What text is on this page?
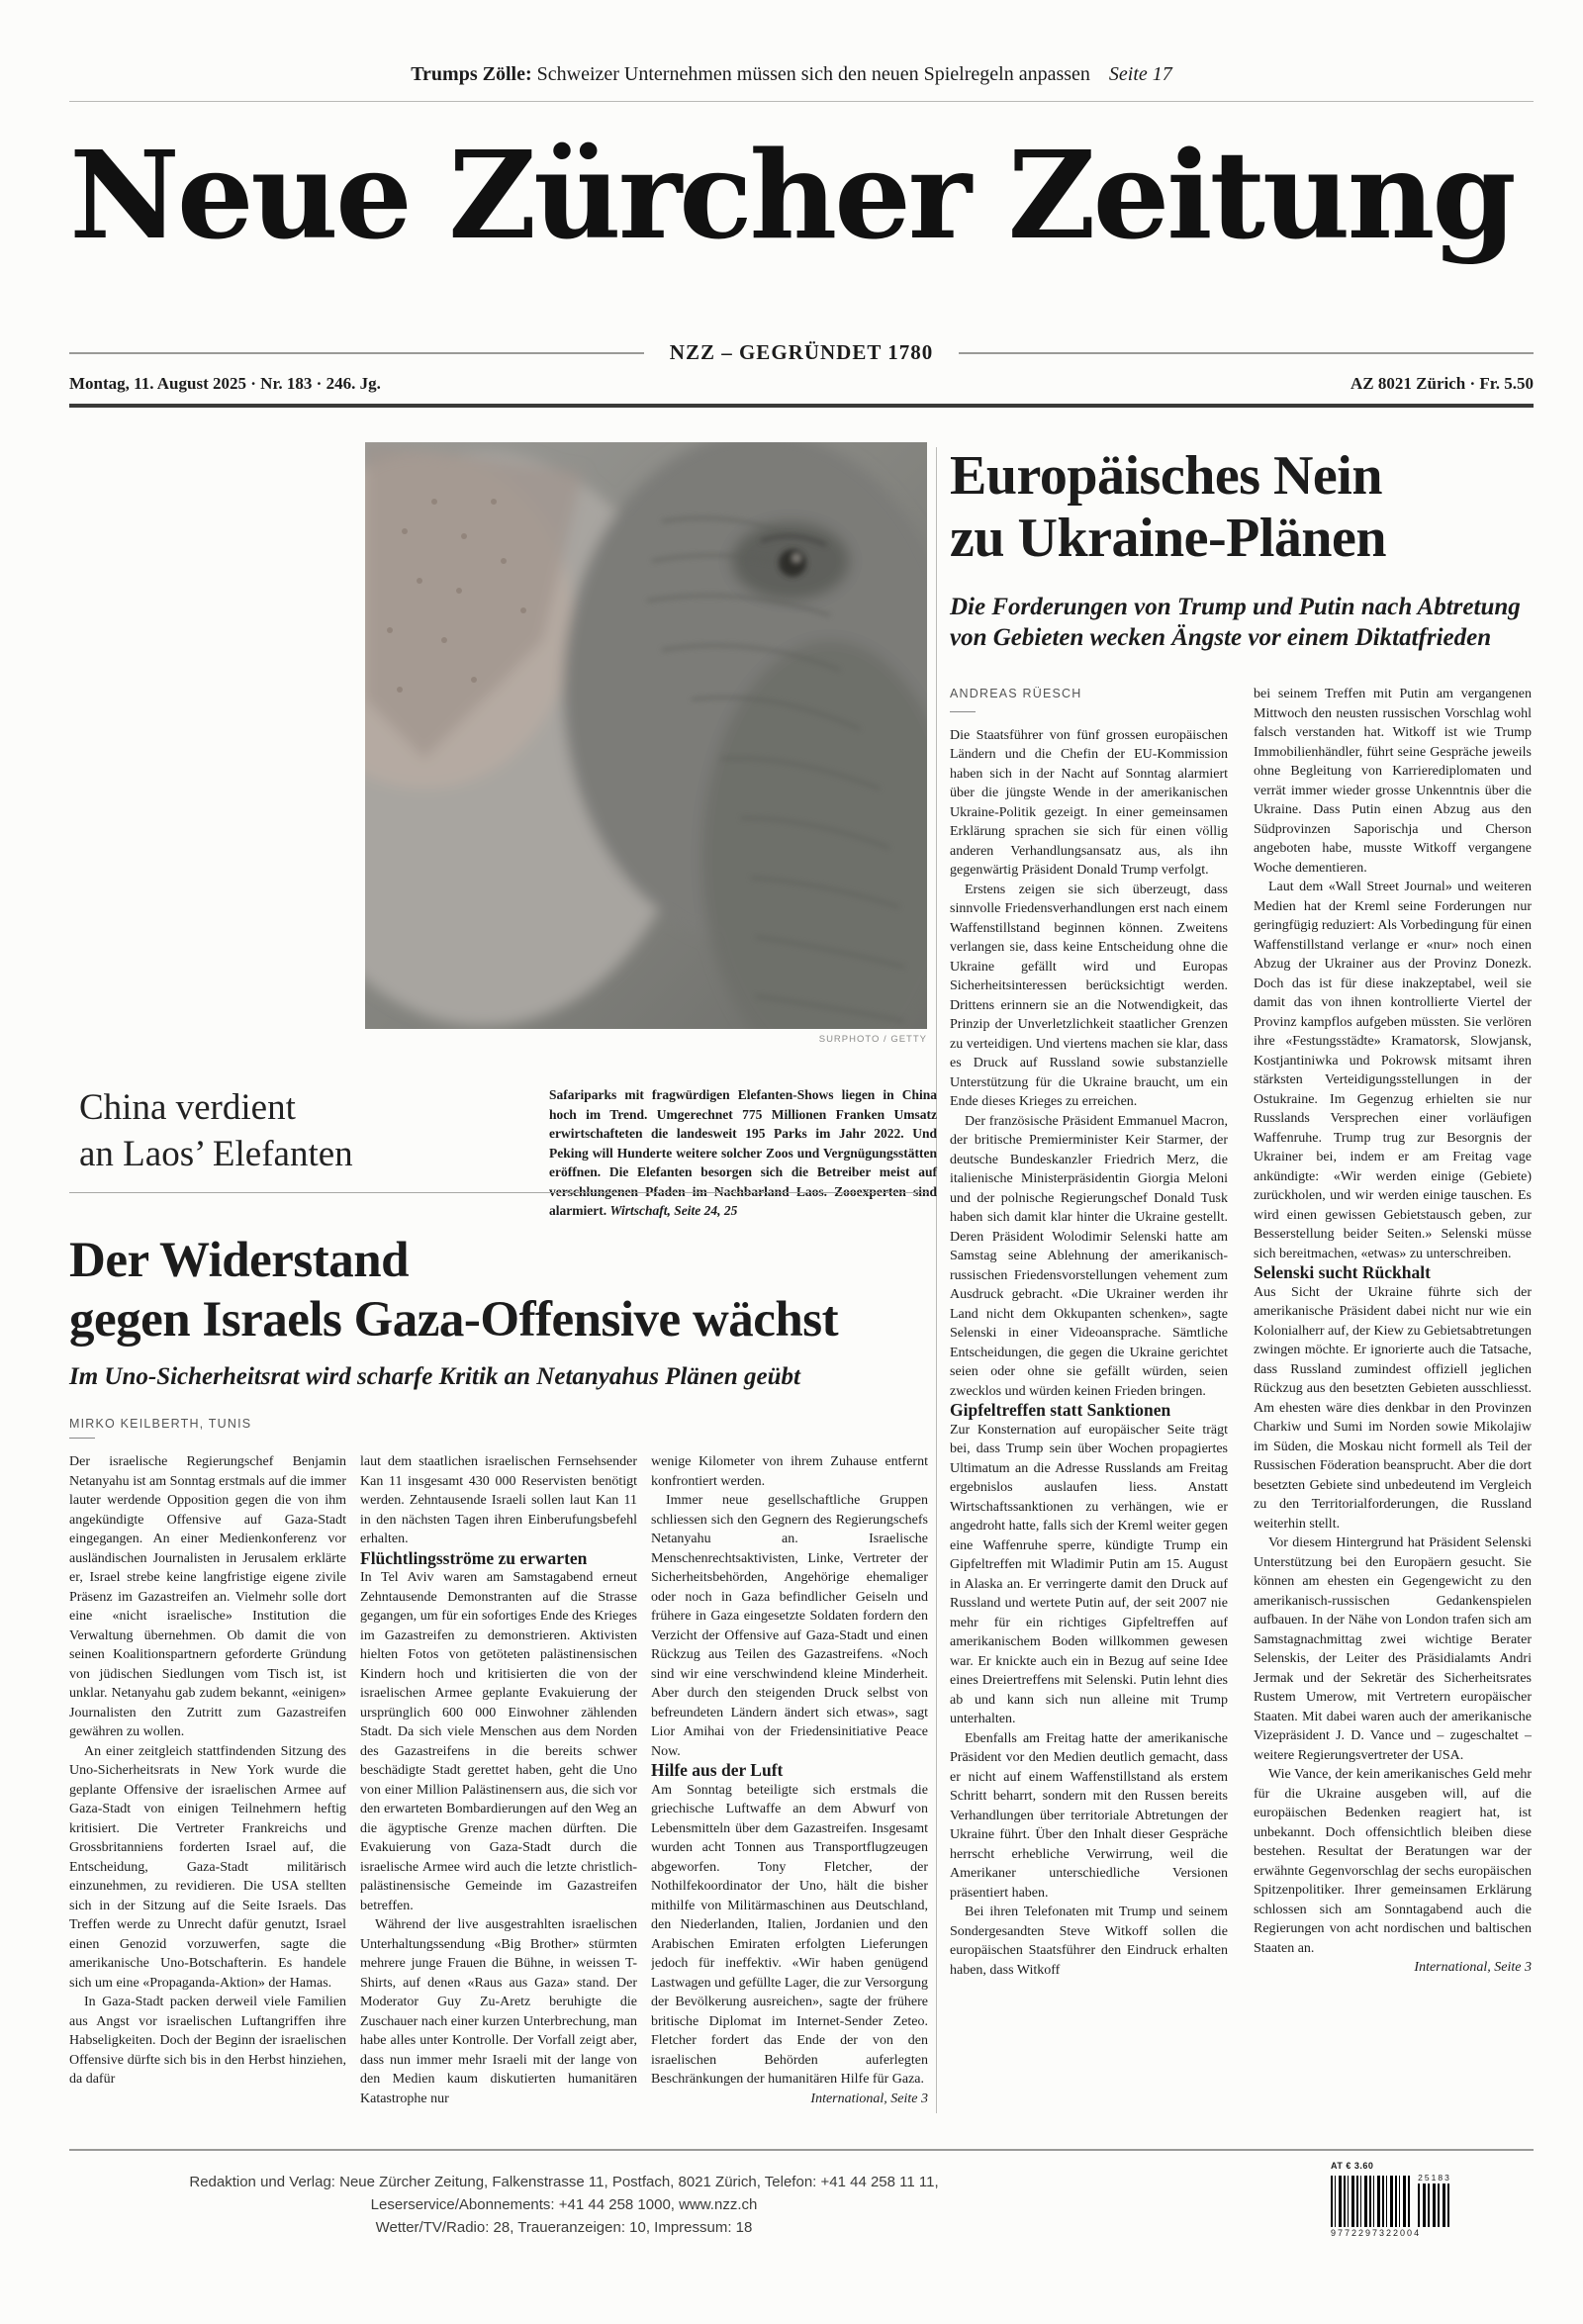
Trumps Zölle: Schweizer Unternehmen müssen sich den neuen Spielregeln anpassen Seite 17
Neue Zürcher Zeitung
NZZ – GEGRÜNDET 1780
Montag, 11. August 2025 · Nr. 183 · 246. Jg.	AZ 8021 Zürich · Fr. 5.50
SURPHOTO / GETTY
China verdient
an Laos’ Elefanten
Safariparks mit fragwürdigen Elefanten-Shows liegen in China hoch im Trend. Umgerechnet 775 Millionen Franken Umsatz erwirtschafteten die landesweit 195 Parks im Jahr 2022. Und Peking will Hunderte weitere solcher Zoos und Vergnügungsstätten eröffnen. Die Elefanten besorgen sich die Betreiber meist auf verschlungenen Pfaden im Nachbarland Laos. Zooexperten sind alarmiert. Wirtschaft, Seite 24, 25
Europäisches Nein
zu Ukraine-Plänen
Die Forderungen von Trump und Putin nach Abtretung von Gebieten wecken Ängste vor einem Diktatfrieden
ANDREAS RÜESCH

Die Staatsführer von fünf grossen europäischen Ländern und die Chefin der EU-Kommission haben sich in der Nacht auf Sonntag alarmiert über die jüngste Wende in der amerikanischen Ukraine-Politik gezeigt. In einer gemeinsamen Erklärung sprachen sie sich für einen völlig anderen Verhandlungsansatz aus, als ihn gegenwärtig Präsident Donald Trump verfolgt.

Erstens zeigen sie sich überzeugt, dass sinnvolle Friedensverhandlungen erst nach einem Waffenstillstand beginnen können. Zweitens verlangen sie, dass keine Entscheidung ohne die Ukraine gefällt wird und Europas Sicherheitsinteressen berücksichtigt werden. Drittens erinnern sie an die Notwendigkeit, das Prinzip der Unverletzlichkeit staatlicher Grenzen zu verteidigen. Und viertens machen sie klar, dass es Druck auf Russland sowie substanzielle Unterstützung für die Ukraine braucht, um ein Ende dieses Krieges zu erreichen.

Der französische Präsident Emmanuel Macron, der britische Premierminister Keir Starmer, der deutsche Bundeskanzler Friedrich Merz, die italienische Ministerpräsidentin Giorgia Meloni und der polnische Regierungschef Donald Tusk haben sich damit klar hinter die Ukraine gestellt. Deren Präsident Wolodimir Selenski hatte am Samstag seine Ablehnung der amerikanisch-russischen Friedensvorstellungen vehement zum Ausdruck gebracht. «Die Ukrainer werden ihr Land nicht dem Okkupanten schenken», sagte Selenski in einer Videoansprache. Sämtliche Entscheidungen, die gegen die Ukraine gerichtet seien oder ohne sie gefällt würden, seien zwecklos und würden keinen Frieden bringen.

Gipfeltreffen statt Sanktionen

Zur Konsternation auf europäischer Seite trägt bei, dass Trump sein über Wochen propagiertes Ultimatum an die Adresse Russlands am Freitag ergebnislos auslaufen liess. Anstatt Wirtschaftssanktionen zu verhängen, wie er angedroht hatte, falls sich der Kreml weiter gegen eine Waffenruhe sperre, kündigte Trump ein Gipfeltreffen mit Wladimir Putin am 15. August in Alaska an. Er verringerte damit den Druck auf Russland und wertete Putin auf, der seit 2007 nie mehr für ein richtiges Gipfeltreffen auf amerikanischem Boden willkommen gewesen war. Er knickte auch ein in Bezug auf seine Idee eines Dreiertreffens mit Selenski. Putin lehnt dies ab und kann sich nun alleine mit Trump unterhalten.

Ebenfalls am Freitag hatte der amerikanische Präsident vor den Medien deutlich gemacht, dass er nicht auf einem Waffenstillstand als erstem Schritt beharrt, sondern mit den Russen bereits Verhandlungen über territoriale Abtretungen der Ukraine führt. Über den Inhalt dieser Gespräche herrscht erhebliche Verwirrung, weil die Amerikaner unterschiedliche Versionen präsentiert haben.

Bei ihren Telefonaten mit Trump und seinem Sondergesandten Steve Witkoff sollen die europäischen Staatsführer den Eindruck erhalten haben, dass Witkoff

bei seinem Treffen mit Putin am vergangenen Mittwoch den neusten russischen Vorschlag wohl falsch verstanden hat. Witkoff ist wie Trump Immobilienhändler, führt seine Gespräche jeweils ohne Begleitung von Karrierediplomaten und verrät immer wieder grosse Unkenntnis über die Ukraine. Dass Putin einen Abzug aus den Südprovinzen Saporischja und Cherson angeboten habe, musste Witkoff vergangene Woche dementieren.

Laut dem «Wall Street Journal» und weiteren Medien hat der Kreml seine Forderungen nur geringfügig reduziert: Als Vorbedingung für einen Waffenstillstand verlange er «nur» noch einen Abzug der Ukrainer aus der Provinz Donezk. Doch das ist für diese inakzeptabel, weil sie damit das von ihnen kontrollierte Viertel der Provinz kampflos aufgeben müssten. Sie verlören ihre «Festungsstädte» Kramatorsk, Slowjansk, Kostjantiniwka und Pokrowsk mitsamt ihren stärksten Verteidigungsstellungen in der Ostukraine. Im Gegenzug erhielten sie nur Russlands Versprechen einer vorläufigen Waffenruhe. Trump trug zur Besorgnis der Ukrainer bei, indem er am Freitag vage ankündigte: «Wir werden einige (Gebiete) zurückholen, und wir werden einige tauschen. Es wird einen gewissen Gebietstausch geben, zur Besserstellung beider Seiten.» Selenski müsse sich bereitmachen, «etwas» zu unterschreiben.

Selenski sucht Rückhalt

Aus Sicht der Ukraine führte sich der amerikanische Präsident dabei nicht nur wie ein Kolonialherr auf, der Kiew zu Gebietsabtretungen zwingen möchte. Er ignorierte auch die Tatsache, dass Russland zumindest offiziell jeglichen Rückzug aus den besetzten Gebieten ausschliesst. Am ehesten wäre dies denkbar in den Provinzen Charkiw und Sumi im Norden sowie Mikolajiw im Süden, die Moskau nicht formell als Teil der Russischen Föderation beansprucht. Aber die dort besetzten Gebiete sind unbedeutend im Vergleich zu den Territorialforderungen, die Russland weiterhin stellt.

Vor diesem Hintergrund hat Präsident Selenski Unterstützung bei den Europäern gesucht. Sie können am ehesten ein Gegengewicht zu den amerikanisch-russischen Gedankenspielen aufbauen. In der Nähe von London trafen sich am Samstagnachmittag zwei wichtige Berater Selenskis, der Leiter des Präsidialamts Andri Jermak und der Sekretär des Sicherheitsrates Rustem Umerow, mit Vertretern europäischer Staaten. Mit dabei waren auch der amerikanische Vizepräsident J. D. Vance und – zugeschaltet – weitere Regierungsvertreter der USA.

Wie Vance, der kein amerikanisches Geld mehr für die Ukraine ausgeben will, auf die europäischen Bedenken reagiert hat, ist unbekannt. Doch offensichtlich bleiben diese bestehen. Resultat der Beratungen war der erwähnte Gegenvorschlag der sechs europäischen Spitzenpolitiker. Ihrer gemeinsamen Erklärung schlossen sich am Sonntagabend auch die Regierungen von acht nordischen und baltischen Staaten an.

International, Seite 3

Der Widerstand
gegen Israels Gaza-Offensive wächst
Im Uno-Sicherheitsrat wird scharfe Kritik an Netanyahus Plänen geübt
MIRKO KEILBERTH, TUNIS

Der israelische Regierungschef Benjamin Netanyahu ist am Sonntag erstmals auf die immer lauter werdende Opposition gegen die von ihm angekündigte Offensive auf Gaza-Stadt eingegangen. An einer Medienkonferenz vor ausländischen Journalisten in Jerusalem erklärte er, Israel strebe keine langfristige eigene zivile Präsenz im Gazastreifen an. Vielmehr solle dort eine «nicht israelische» Institution die Verwaltung übernehmen. Ob damit die von seinen Koalitionspartnern geforderte Gründung von jüdischen Siedlungen vom Tisch ist, ist unklar. Netanyahu gab zudem bekannt, «einigen» Journalisten den Zutritt zum Gazastreifen gewähren zu wollen.

An einer zeitgleich stattfindenden Sitzung des Uno-Sicherheitsrats in New York wurde die geplante Offensive der israelischen Armee auf Gaza-Stadt von einigen Teilnehmern heftig kritisiert. Die Vertreter Frankreichs und Grossbritanniens forderten Israel auf, die Entscheidung, Gaza-Stadt militärisch einzunehmen, zu revidieren. Die USA stellten sich in der Sitzung auf die Seite Israels. Das Treffen werde zu Unrecht dafür genutzt, Israel einen Genozid vorzuwerfen, sagte die amerikanische Uno-Botschafterin. Es handele sich um eine «Propaganda-Aktion» der Hamas.

In Gaza-Stadt packen derweil viele Familien aus Angst vor israelischen Luftangriffen ihre Habseligkeiten. Doch der Beginn der israelischen Offensive dürfte sich bis in den Herbst hinziehen, da dafür

laut dem staatlichen israelischen Fernsehsender Kan 11 insgesamt 430 000 Reservisten benötigt werden. Zehntausende Israeli sollen laut Kan 11 in den nächsten Tagen ihren Einberufungsbefehl erhalten.

Flüchtlingsströme zu erwarten

In Tel Aviv waren am Samstagabend erneut Zehntausende Demonstranten auf die Strasse gegangen, um für ein sofortiges Ende des Krieges im Gazastreifen zu demonstrieren. Aktivisten hielten Fotos von getöteten palästinensischen Kindern hoch und kritisierten die von der israelischen Armee geplante Evakuierung der ursprünglich 600 000 Einwohner zählenden Stadt. Da sich viele Menschen aus dem Norden des Gazastreifens in die bereits schwer beschädigte Stadt gerettet haben, geht die Uno von einer Million Palästinensern aus, die sich vor den erwarteten Bombardierungen auf den Weg an die ägyptische Grenze machen dürften. Die Evakuierung von Gaza-Stadt durch die israelische Armee wird auch die letzte christlich-palästinensische Gemeinde im Gazastreifen betreffen.

Während der live ausgestrahlten israelischen Unterhaltungssendung «Big Brother» stürmten mehrere junge Frauen die Bühne, in weissen T-Shirts, auf denen «Raus aus Gaza» stand. Der Moderator Guy Zu-Aretz beruhigte die Zuschauer nach einer kurzen Unterbrechung, man habe alles unter Kontrolle. Der Vorfall zeigt aber, dass nun immer mehr Israeli mit der lange von den Medien kaum diskutierten humanitären Katastrophe nur

wenige Kilometer von ihrem Zuhause entfernt konfrontiert werden.

Immer neue gesellschaftliche Gruppen schliessen sich den Gegnern des Regierungschefs Netanyahu an. Israelische Menschenrechtsaktivisten, Linke, Vertreter der Sicherheitsbehörden, Angehörige ehemaliger oder noch in Gaza befindlicher Geiseln und frühere in Gaza eingesetzte Soldaten fordern den Verzicht der Offensive auf Gaza-Stadt und einen Rückzug aus Teilen des Gazastreifens. «Noch sind wir eine verschwindend kleine Minderheit. Aber durch den steigenden Druck selbst von befreundeten Ländern ändert sich etwas», sagt Lior Amihai von der Friedensinitiative Peace Now.

Hilfe aus der Luft

Am Sonntag beteiligte sich erstmals die griechische Luftwaffe an dem Abwurf von Lebensmitteln über dem Gazastreifen. Insgesamt wurden acht Tonnen aus Transportflugzeugen abgeworfen. Tony Fletcher, der Nothilfekoordinator der Uno, hält die bisher mithilfe von Militärmaschinen aus Deutschland, den Niederlanden, Italien, Jordanien und den Arabischen Emiraten erfolgten Lieferungen jedoch für ineffektiv. «Wir haben genügend Lastwagen und gefüllte Lager, die zur Versorgung der Bevölkerung ausreichen», sagte der frühere britische Diplomat im Internet-Sender Zeteo. Fletcher fordert das Ende der von den israelischen Behörden auferlegten Beschränkungen der humanitären Hilfe für Gaza.

International, Seite 3

Redaktion und Verlag: Neue Zürcher Zeitung, Falkenstrasse 11, Postfach, 8021 Zürich, Telefon: +41 44 258 11 11,
Leserservice/Abonnements: +41 44 258 1000, www.nzz.ch
Wetter/TV/Radio: 28, Traueranzeigen: 10, Impressum: 18
AT € 3.60
25183
9772297322004
